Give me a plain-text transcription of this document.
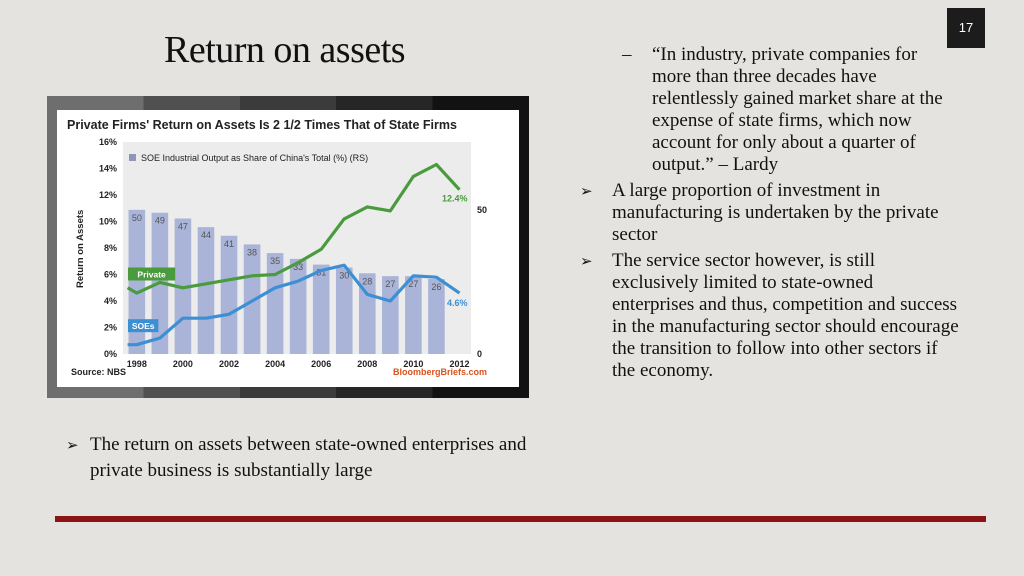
17
Return on assets
Private Firms' Return on Assets Is 2 1/2 Times That of State Firms
50 49
47
44
41
38
35
33
31 30
28 27 27 26
12.4%
Private
4.6%
SOEs
0%
2%
4%
6%
8%
10%
12%
14%
16%
0
50
1998	2000	2002	2004	2006	2008	2010	2012
SOE Industrial Output as Share of China's Total (%) (RS)
Return on Assets
Source: NBS	BloombergBriefs.com
➢ The return on assets between state-owned enterprises and private business is substantially large
–	“In industry, private companies for more than three decades have relentlessly gained market share at the expense of state firms, which now account for only about a quarter of output.” – Lardy
➢	A large proportion of investment in manufacturing is undertaken by the private sector
➢	The service sector however, is still exclusively limited to state-owned enterprises and thus, competition and success in the manufacturing sector should encourage the transition to follow into other sectors if the economy.
